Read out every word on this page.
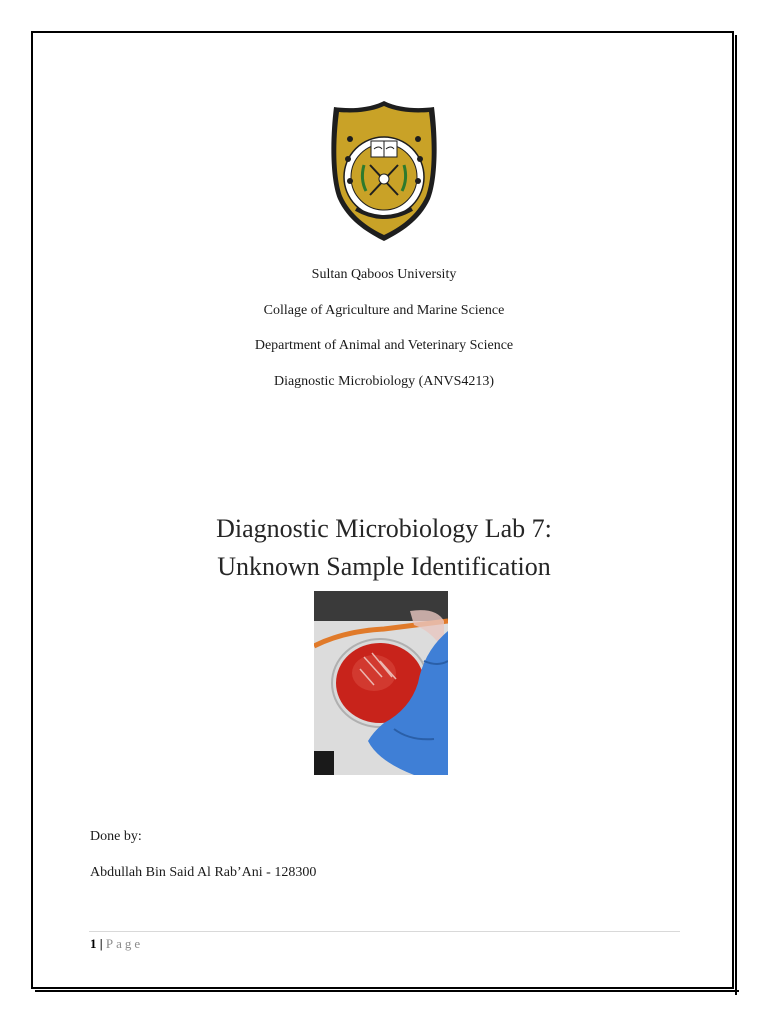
Sultan Qaboos University
Collage of Agriculture and Marine Science
Department of Animal and Veterinary Science
Diagnostic Microbiology (ANVS4213)
Diagnostic Microbiology Lab 7:
Unknown Sample Identification
Done by:
Abdullah Bin Said Al Rab’Ani - 128300
1 | Page
